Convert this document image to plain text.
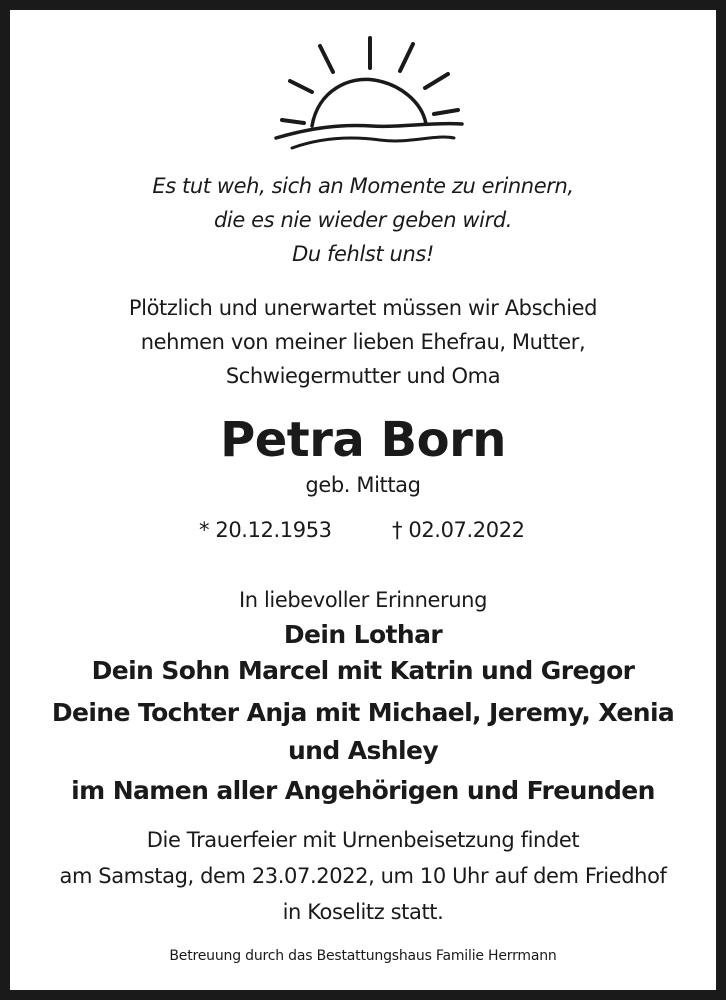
Es tut weh, sich an Momente zu erinnern,
die es nie wieder geben wird.
Du fehlst uns!
Plötzlich und unerwartet müssen wir Abschied
nehmen von meiner lieben Ehefrau, Mutter,
Schwiegermutter und Oma
Petra Born
geb. Mittag
* 20.12.1953	† 02.07.2022
In liebevoller Erinnerung
Dein Lothar
Dein Sohn Marcel mit Katrin und Gregor
Deine Tochter Anja mit Michael, Jeremy, Xenia
und Ashley
im Namen aller Angehörigen und Freunden
Die Trauerfeier mit Urnenbeisetzung findet
am Samstag, dem 23.07.2022, um 10 Uhr auf dem Friedhof
in Koselitz statt.
Betreuung durch das Bestattungshaus Familie Herrmann
